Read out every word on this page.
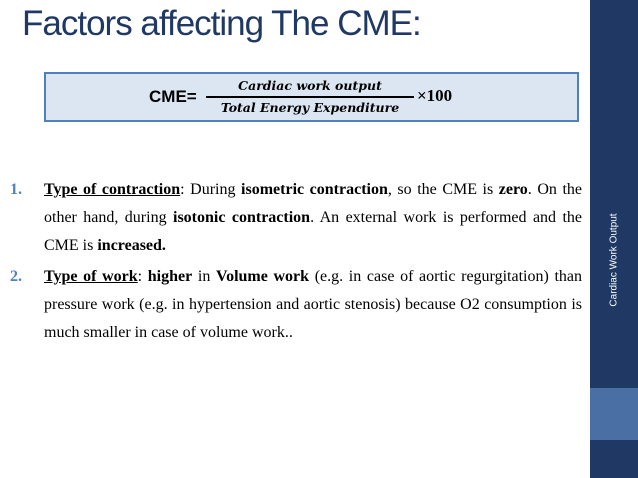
Factors affecting The CME:
CME=
Cardiac work output
Total Energy Expenditure
×100
1. Type of contraction: During isometric contraction, so the CME is zero. On the other hand, during isotonic contraction. An external work is performed and the CME is increased.
2. Type of work: higher in Volume work (e.g. in case of aortic regurgitation) than pressure work (e.g. in hypertension and aortic stenosis) because O2 consumption is much smaller in case of volume work..
Cardiac Work Output
